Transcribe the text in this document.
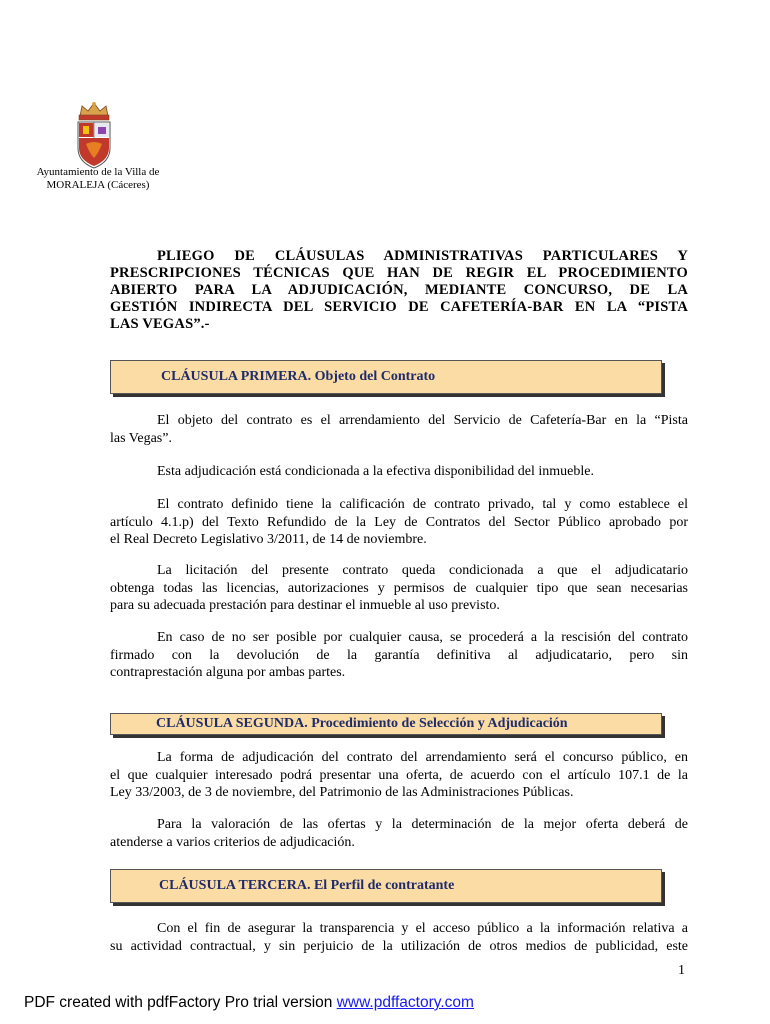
Ayuntamiento de la Villa de
MORALEJA (Cáceres)
PLIEGO DE CLÁUSULAS ADMINISTRATIVAS PARTICULARES Y
PRESCRIPCIONES TÉCNICAS QUE HAN DE REGIR EL PROCEDIMIENTO
ABIERTO PARA LA ADJUDICACIÓN, MEDIANTE CONCURSO, DE LA
GESTIÓN INDIRECTA DEL SERVICIO DE CAFETERÍA-BAR EN LA “PISTA
LAS VEGAS”.-
CLÁUSULA PRIMERA. Objeto del Contrato
El objeto del contrato es el arrendamiento del Servicio de Cafetería-Bar en la “Pista
las Vegas”.
Esta adjudicación está condicionada a la efectiva disponibilidad del inmueble.
El contrato definido tiene la calificación de contrato privado, tal y como establece el
artículo 4.1.p) del Texto Refundido de la Ley de Contratos del Sector Público aprobado por
el Real Decreto Legislativo 3/2011, de 14 de noviembre.
La licitación del presente contrato queda condicionada a que el adjudicatario
obtenga todas las licencias, autorizaciones y permisos de cualquier tipo que sean necesarias
para su adecuada prestación para destinar el inmueble al uso previsto.
En caso de no ser posible por cualquier causa, se procederá a la rescisión del contrato
firmado con la devolución de la garantía definitiva al adjudicatario, pero sin
contraprestación alguna por ambas partes.
CLÁUSULA SEGUNDA. Procedimiento de Selección y Adjudicación
La forma de adjudicación del contrato del arrendamiento será el concurso público, en
el que cualquier interesado podrá presentar una oferta, de acuerdo con el artículo 107.1 de la
Ley 33/2003, de 3 de noviembre, del Patrimonio de las Administraciones Públicas.
Para la valoración de las ofertas y la determinación de la mejor oferta deberá de
atenderse a varios criterios de adjudicación.
CLÁUSULA TERCERA. El Perfil de contratante
Con el fin de asegurar la transparencia y el acceso público a la información relativa a
su actividad contractual, y sin perjuicio de la utilización de otros medios de publicidad, este
1
PDF created with pdfFactory Pro trial version www.pdffactory.com
